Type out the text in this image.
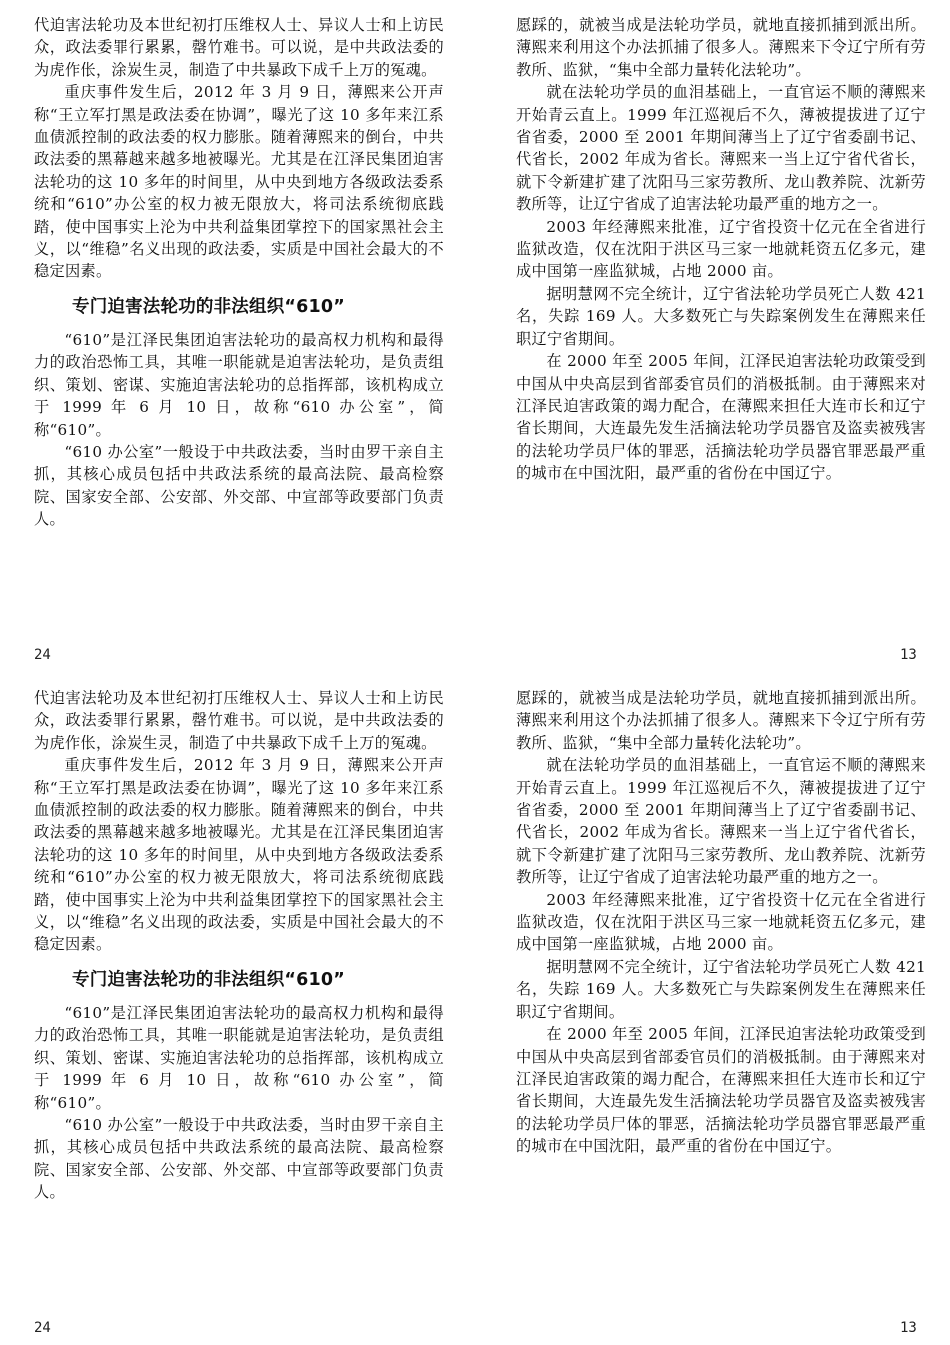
代迫害法轮功及本世纪初打压维权人士、异议人士和上访民众，政法委罪行累累，罄竹难书。可以说，是中共政法委的为虎作伥，涂炭生灵，制造了中共暴政下成千上万的冤魂。

重庆事件发生后，2012 年 3 月 9 日，薄熙来公开声称“王立军打黑是政法委在协调”，曝光了这 10 多年来江系血债派控制的政法委的权力膨胀。随着薄熙来的倒台，中共政法委的黑幕越来越多地被曝光。尤其是在江泽民集团迫害法轮功的这 10 多年的时间里，从中央到地方各级政法委系统和“610”办公室的权力被无限放大，将司法系统彻底践踏，使中国事实上沦为中共利益集团掌控下的国家黑社会主义，以“维稳”名义出现的政法委，实质是中国社会最大的不稳定因素。

专门迫害法轮功的非法组织“610”

“610”是江泽民集团迫害法轮功的最高权力机构和最得力的政治恐怖工具，其唯一职能就是迫害法轮功，是负责组织、策划、密谋、实施迫害法轮功的总指挥部，该机构成立于 1999 年 6 月 10 日，故称“610 办公室”，简称“610”。

“610 办公室”一般设于中共政法委，当时由罗干亲自主抓，其核心成员包括中共政法系统的最高法院、最高检察院、国家安全部、公安部、外交部、中宣部等政要部门负责人。

愿踩的，就被当成是法轮功学员，就地直接抓捕到派出所。薄熙来利用这个办法抓捕了很多人。薄熙来下令辽宁所有劳教所、监狱，“集中全部力量转化法轮功”。

就在法轮功学员的血泪基础上，一直官运不顺的薄熙来开始青云直上。1999 年江巡视后不久，薄被提拔进了辽宁省省委，2000 至 2001 年期间薄当上了辽宁省委副书记、代省长，2002 年成为省长。薄熙来一当上辽宁省代省长，就下令新建扩建了沈阳马三家劳教所、龙山教养院、沈新劳教所等，让辽宁省成了迫害法轮功最严重的地方之一。

2003 年经薄熙来批准，辽宁省投资十亿元在全省进行监狱改造，仅在沈阳于洪区马三家一地就耗资五亿多元，建成中国第一座监狱城，占地 2000 亩。

据明慧网不完全统计，辽宁省法轮功学员死亡人数 421 名，失踪 169 人。大多数死亡与失踪案例发生在薄熙来任职辽宁省期间。

在 2000 年至 2005 年间，江泽民迫害法轮功政策受到中国从中央高层到省部委官员们的消极抵制。由于薄熙来对江泽民迫害政策的竭力配合，在薄熙来担任大连市长和辽宁省长期间，大连最先发生活摘法轮功学员器官及盗卖被残害的法轮功学员尸体的罪恶，活摘法轮功学员器官罪恶最严重的城市在中国沈阳，最严重的省份在中国辽宁。

24	13

代迫害法轮功及本世纪初打压维权人士、异议人士和上访民众，政法委罪行累累，罄竹难书。可以说，是中共政法委的为虎作伥，涂炭生灵，制造了中共暴政下成千上万的冤魂。

重庆事件发生后，2012 年 3 月 9 日，薄熙来公开声称“王立军打黑是政法委在协调”，曝光了这 10 多年来江系血债派控制的政法委的权力膨胀。随着薄熙来的倒台，中共政法委的黑幕越来越多地被曝光。尤其是在江泽民集团迫害法轮功的这 10 多年的时间里，从中央到地方各级政法委系统和“610”办公室的权力被无限放大，将司法系统彻底践踏，使中国事实上沦为中共利益集团掌控下的国家黑社会主义，以“维稳”名义出现的政法委，实质是中国社会最大的不稳定因素。

专门迫害法轮功的非法组织“610”

“610”是江泽民集团迫害法轮功的最高权力机构和最得力的政治恐怖工具，其唯一职能就是迫害法轮功，是负责组织、策划、密谋、实施迫害法轮功的总指挥部，该机构成立于 1999 年 6 月 10 日，故称“610 办公室”，简称“610”。

“610 办公室”一般设于中共政法委，当时由罗干亲自主抓，其核心成员包括中共政法系统的最高法院、最高检察院、国家安全部、公安部、外交部、中宣部等政要部门负责人。

愿踩的，就被当成是法轮功学员，就地直接抓捕到派出所。薄熙来利用这个办法抓捕了很多人。薄熙来下令辽宁所有劳教所、监狱，“集中全部力量转化法轮功”。

就在法轮功学员的血泪基础上，一直官运不顺的薄熙来开始青云直上。1999 年江巡视后不久，薄被提拔进了辽宁省省委，2000 至 2001 年期间薄当上了辽宁省委副书记、代省长，2002 年成为省长。薄熙来一当上辽宁省代省长，就下令新建扩建了沈阳马三家劳教所、龙山教养院、沈新劳教所等，让辽宁省成了迫害法轮功最严重的地方之一。

2003 年经薄熙来批准，辽宁省投资十亿元在全省进行监狱改造，仅在沈阳于洪区马三家一地就耗资五亿多元，建成中国第一座监狱城，占地 2000 亩。

据明慧网不完全统计，辽宁省法轮功学员死亡人数 421 名，失踪 169 人。大多数死亡与失踪案例发生在薄熙来任职辽宁省期间。

在 2000 年至 2005 年间，江泽民迫害法轮功政策受到中国从中央高层到省部委官员们的消极抵制。由于薄熙来对江泽民迫害政策的竭力配合，在薄熙来担任大连市长和辽宁省长期间，大连最先发生活摘法轮功学员器官及盗卖被残害的法轮功学员尸体的罪恶，活摘法轮功学员器官罪恶最严重的城市在中国沈阳，最严重的省份在中国辽宁。

24	13
